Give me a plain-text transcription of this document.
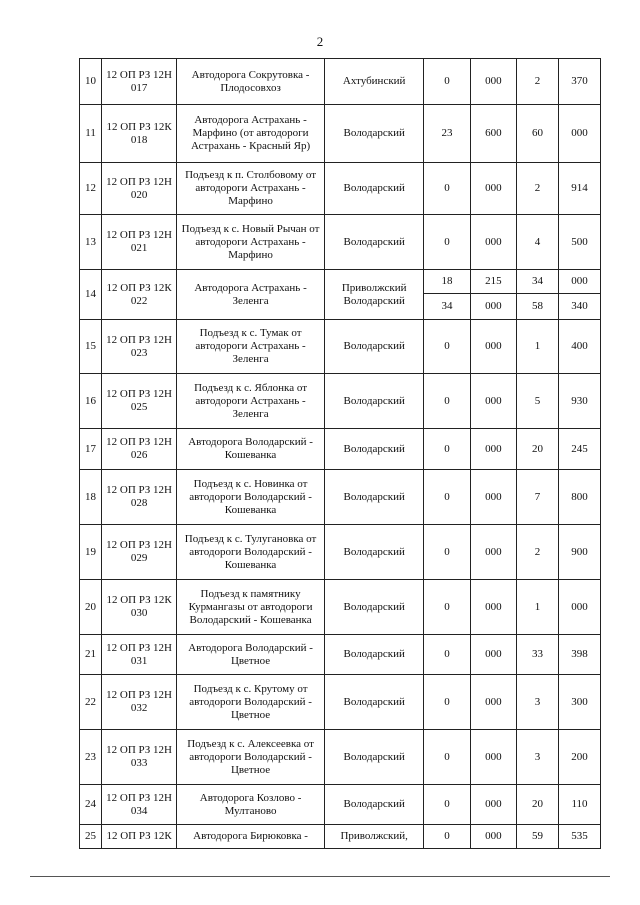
2
10	12 ОП РЗ 12Н 017	Автодорога Сокрутовка - Плодосовхоз	Ахтубинский	0	000	2	370
11	12 ОП РЗ 12К 018	Автодорога Астрахань - Марфино (от автодороги Астрахань - Красный Яр)	Володарский	23	600	60	000
12	12 ОП РЗ 12Н 020	Подъезд к п. Столбовому от автодороги Астрахань - Марфино	Володарский	0	000	2	914
13	12 ОП РЗ 12Н 021	Подъезд к с. Новый Рычан от автодороги Астрахань - Марфино	Володарский	0	000	4	500
14	12 ОП РЗ 12К 022	Автодорога Астрахань - Зеленга	Приволжский Володарский	18	215	34	000
				34	000	58	340
15	12 ОП РЗ 12Н 023	Подъезд к с. Тумак от автодороги Астрахань - Зеленга	Володарский	0	000	1	400
16	12 ОП РЗ 12Н 025	Подъезд к с. Яблонка от автодороги Астрахань - Зеленга	Володарский	0	000	5	930
17	12 ОП РЗ 12Н 026	Автодорога Володарский - Кошеванка	Володарский	0	000	20	245
18	12 ОП РЗ 12Н 028	Подъезд к с. Новинка от автодороги Володарский - Кошеванка	Володарский	0	000	7	800
19	12 ОП РЗ 12Н 029	Подъезд к с. Тулугановка от автодороги Володарский - Кошеванка	Володарский	0	000	2	900
20	12 ОП РЗ 12К 030	Подъезд к памятнику Курмангазы от автодороги Володарский - Кошеванка	Володарский	0	000	1	000
21	12 ОП РЗ 12Н 031	Автодорога Володарский - Цветное	Володарский	0	000	33	398
22	12 ОП РЗ 12Н 032	Подъезд к с. Крутому от автодороги Володарский - Цветное	Володарский	0	000	3	300
23	12 ОП РЗ 12Н 033	Подъезд к с. Алексеевка от автодороги Володарский - Цветное	Володарский	0	000	3	200
24	12 ОП РЗ 12Н 034	Автодорога Козлово - Мултаново	Володарский	0	000	20	110
25	12 ОП РЗ 12К	Автодорога Бирюковка -	Приволжский,	0	000	59	535
